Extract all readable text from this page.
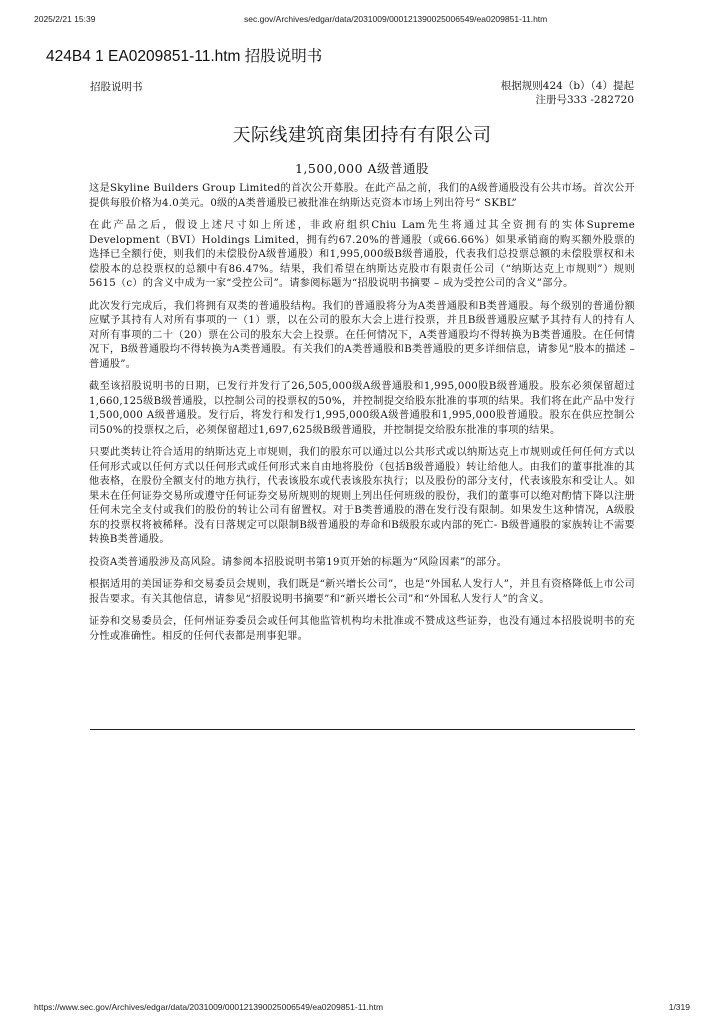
2025/2/21 15:39	sec.gov/Archives/edgar/data/2031009/000121390025006549/ea0209851-11.htm
424B4 1 EA0209851-11.htm 招股说明书
招股说明书	根据规则424（b）（4）提起
注册号333 -282720
天际线建筑商集团持有有限公司
1,500,000 A级普通股

这是Skyline Builders Group Limited的首次公开募股。在此产品之前，我们的A级普通股没有公共市场。首次公开提供每股价格为4.0美元。0级的A类普通股已被批准在纳斯达克资本市场上列出符号“ SKBL”

在此产品之后，假设上述尺寸如上所述，非政府组织Chiu Lam先生将通过其全资拥有的实体Supreme Development（BVI）Holdings Limited，拥有约67.20%的普通股（或66.66%）如果承销商的购买额外股票的选择已全额行使，则我们的未偿股份A级普通股）和1,995,000级B级普通股，代表我们总投票总额的未偿股票权和未偿股本的总投票权的总额中有86.47%。结果，我们希望在纳斯达克股市有限责任公司（“纳斯达克上市规则”）规则5615（c）的含义中成为一家“受控公司”。请参阅标题为“招股说明书摘要 – 成为受控公司的含义”部分。

此次发行完成后，我们将拥有双类的普通股结构。我们的普通股将分为A类普通股和B类普通股。每个级别的普通份额应赋予其持有人对所有事项的一（1）票，以在公司的股东大会上进行投票，并且B级普通股应赋予其持有人的持有人对所有事项的二十（20）票在公司的股东大会上投票。在任何情况下，A类普通股均不得转换为B类普通股。在任何情况下，B级普通股均不得转换为A类普通股。有关我们的A类普通股和B类普通股的更多详细信息，请参见“股本的描述 – 普通股”。

截至该招股说明书的日期，已发行并发行了26,505,000级A级普通股和1,995,000股B级普通股。股东必须保留超过1,660,125级B级普通股，以控制公司的投票权的50%，并控制提交给股东批准的事项的结果。我们将在此产品中发行1,500,000 A级普通股。发行后，将发行和发行1,995,000级A级普通股和1,995,000股普通股。股东在供应控制公司50%的投票权之后，必须保留超过1,697,625级B级普通股，并控制提交给股东批准的事项的结果。

只要此类转让符合适用的纳斯达克上市规则，我们的股东可以通过以公共形式或以纳斯达克上市规则或任何任何方式以任何形式或以任何方式以任何形式或任何形式来自由地将股份（包括B级普通股）转让给他人。由我们的董事批准的其他表格，在股份全额支付的地方执行，代表该股东或代表该股东执行；以及股份的部分支付，代表该股东和受让人。如果未在任何证券交易所或遵守任何证券交易所规则的规则上列出任何班级的股份，我们的董事可以绝对酌情下降以注册任何未完全支付或我们的股份的转让公司有留置权。对于B类普通股的潜在发行没有限制。如果发生这种情况，A级股东的投票权将被稀释。没有日落规定可以限制B级普通股的寿命和B级股东或内部的死亡- B级普通股的家族转让不需要转换B类普通股。

投资A类普通股涉及高风险。请参阅本招股说明书第19页开始的标题为“风险因素”的部分。

根据适用的美国证券和交易委员会规则，我们既是“新兴增长公司”，也是“外国私人发行人”，并且有资格降低上市公司报告要求。有关其他信息，请参见“招股说明书摘要”和“新兴增长公司”和“外国私人发行人”的含义。

证券和交易委员会，任何州证券委员会或任何其他监管机构均未批准或不赞成这些证券，也没有通过本招股说明书的充分性或准确性。相反的任何代表都是刑事犯罪。

https://www.sec.gov/Archives/edgar/data/2031009/000121390025006549/ea0209851-11.htm	1/319
